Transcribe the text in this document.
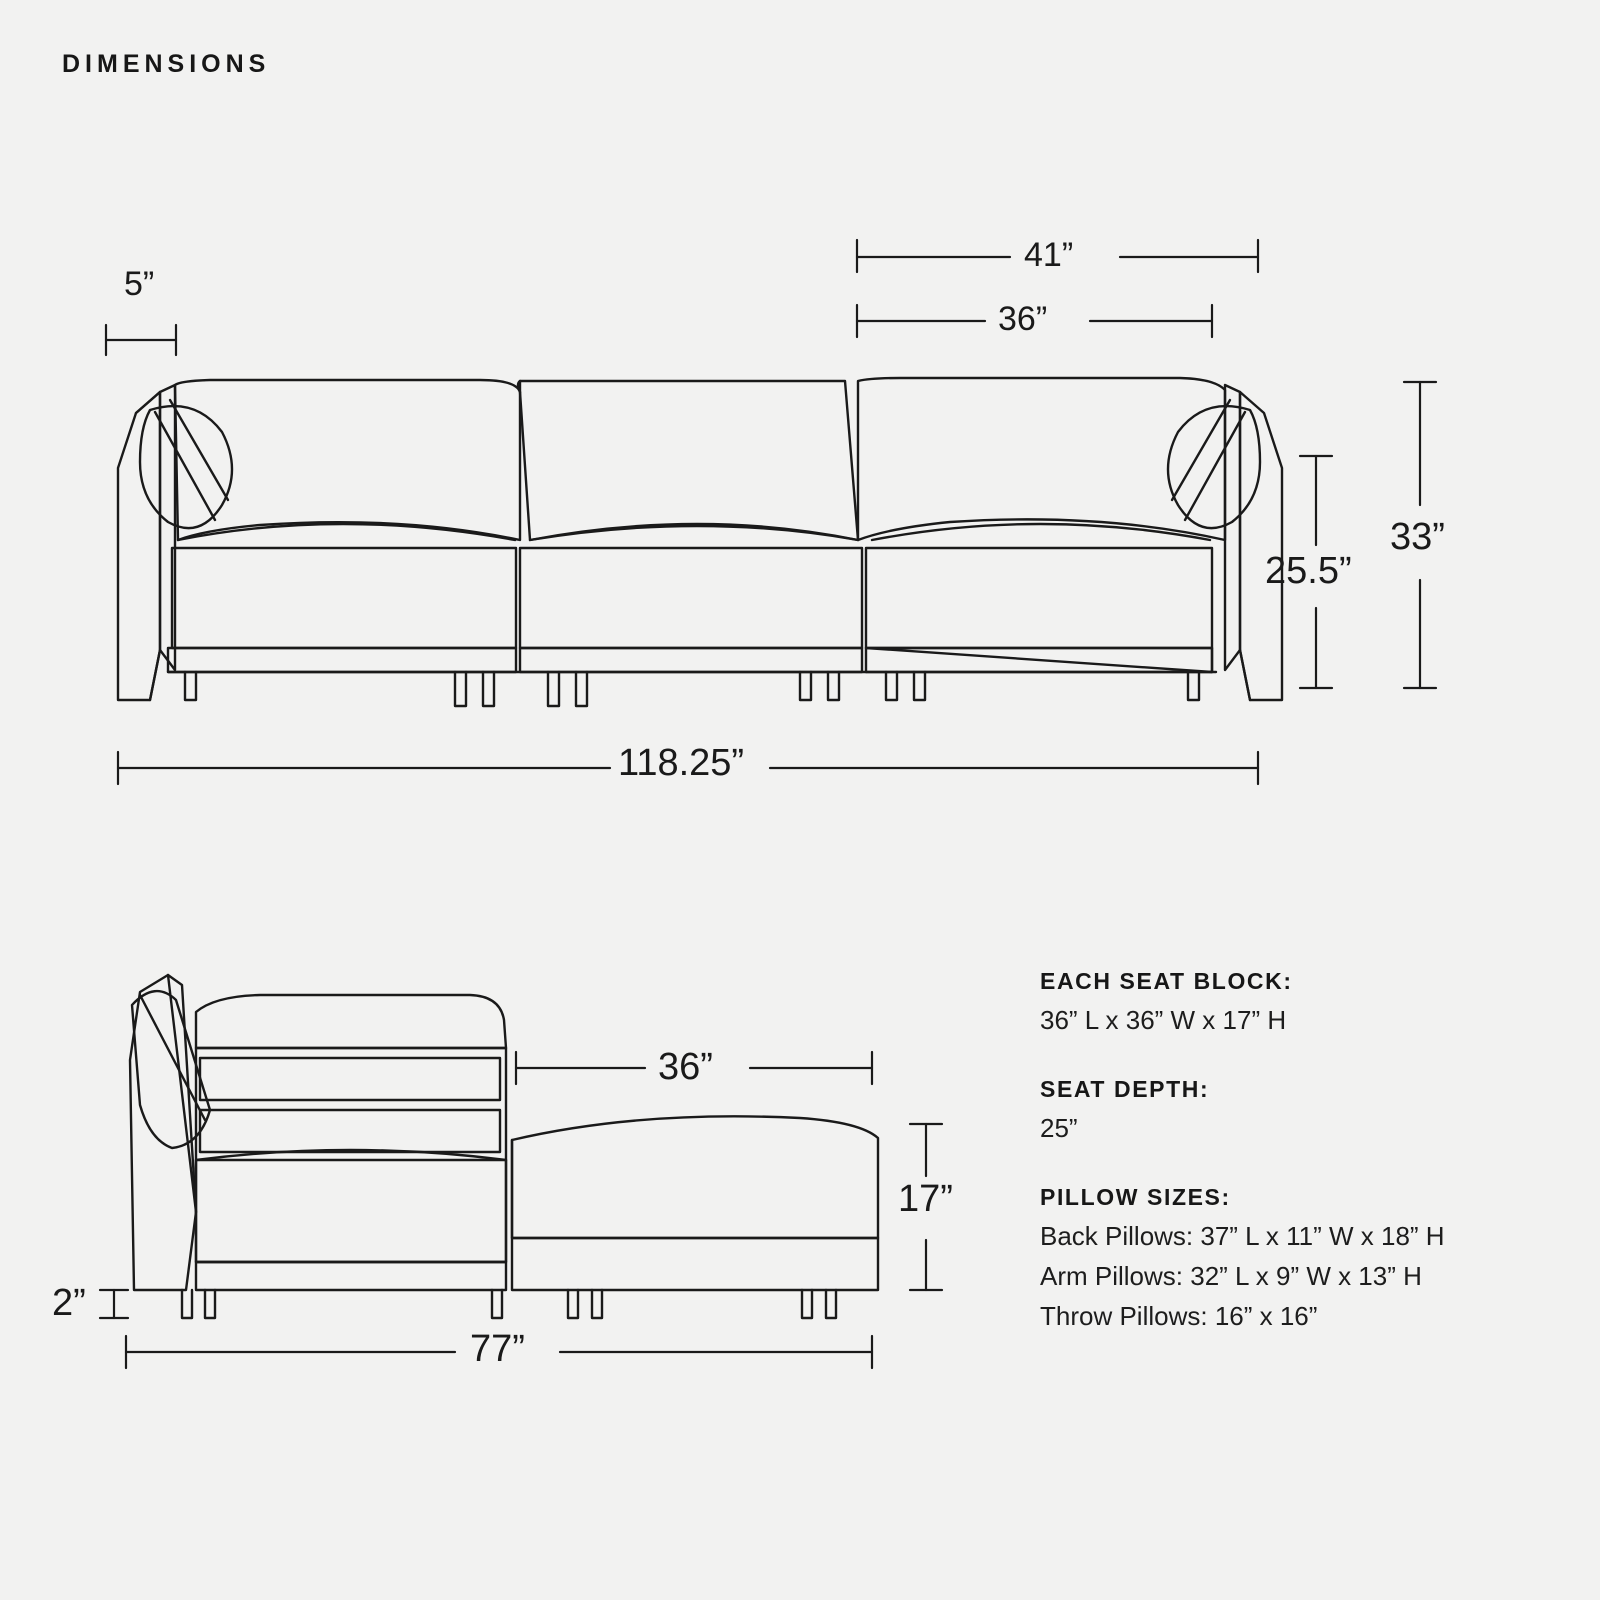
DIMENSIONS
5”
41”
36”
25.5”
33”
118.25”
2”
36”
17”
77”

EACH SEAT BLOCK:

36” L x 36” W x 17” H

SEAT DEPTH:

25”

PILLOW SIZES:

Back Pillows: 37” L x 11” W x 18” H

Arm Pillows: 32” L x 9” W x 13” H

Throw Pillows: 16” x 16”
